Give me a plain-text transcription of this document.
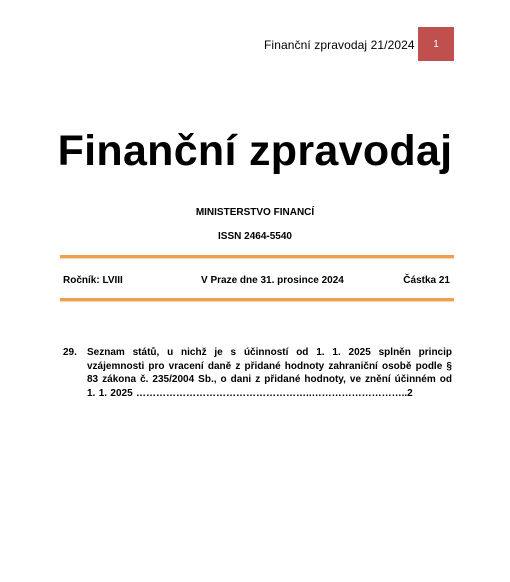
Finanční zpravodaj 21/2024	1
Finanční zpravodaj
MINISTERSTVO FINANCÍ
ISSN 2464-5540
Ročník: LVIII	V Praze dne 31. prosince 2024	Částka 21
29. Seznam států, u nichž je s účinností od 1. 1. 2025 splněn princip vzájemnosti pro vracení daně z přidané hodnoty zahraniční osobě podle § 83 zákona č. 235/2004 Sb., o dani z přidané hodnoty, ve znění účinném od 1. 1. 2025 ……………………………………………..………………………..2
